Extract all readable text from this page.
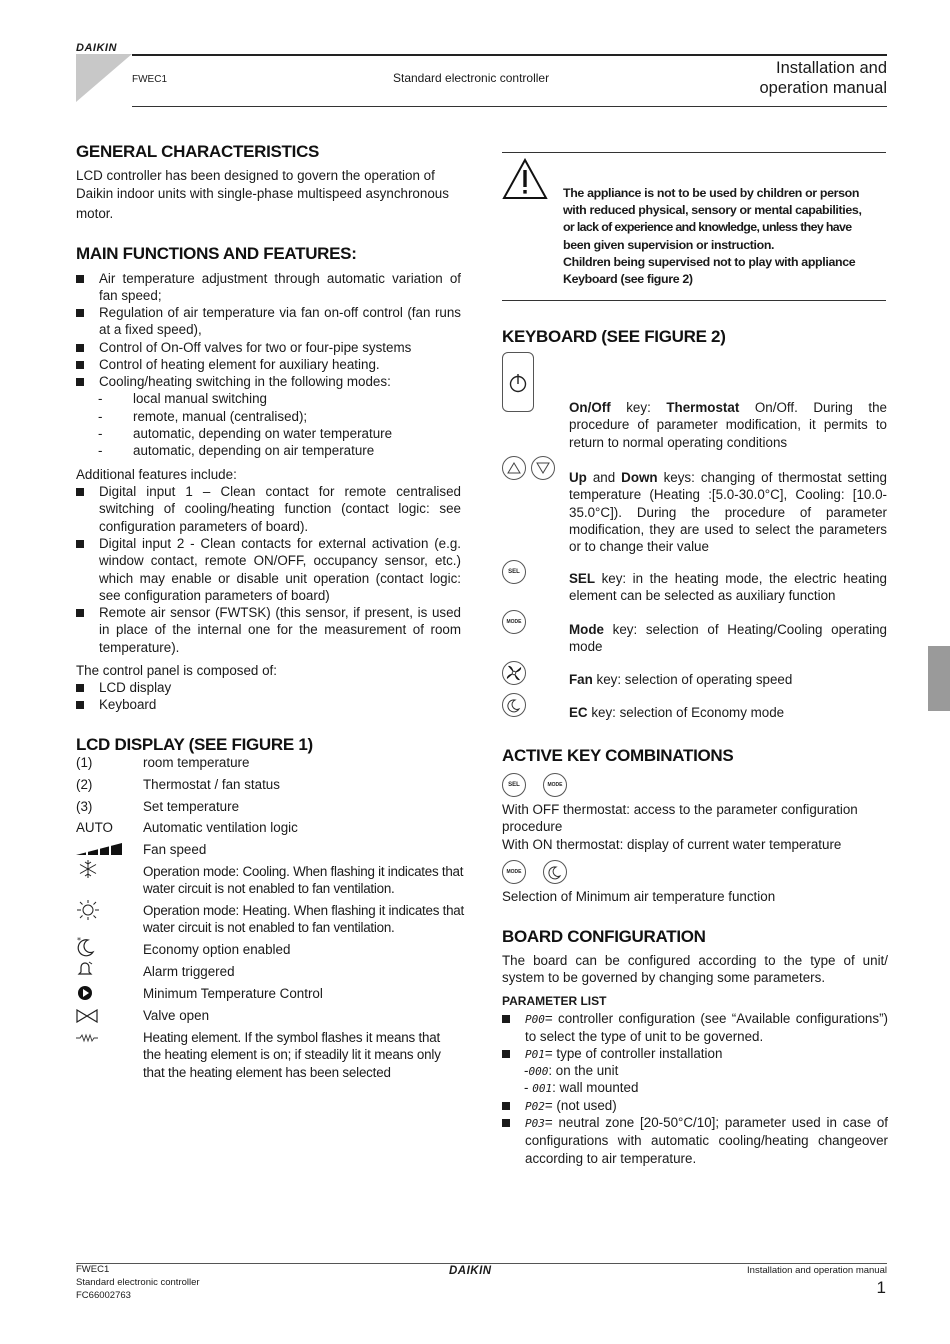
DAIKIN
FWEC1	Standard electronic controller
Installation and
operation manual
GENERAL CHARACTERISTICS
LCD controller has been designed to govern the operation of
Daikin indoor units with single-phase multispeed asynchronous
motor.
MAIN FUNCTIONS AND FEATURES:
Air temperature adjustment through automatic variation of fan speed;
Regulation of air temperature via fan on-off control (fan runs at a fixed speed),
Control of On-Off valves for two or four-pipe systems
Control of heating element for auxiliary heating.
Cooling/heating switching in the following modes:
- local manual switching
- remote, manual (centralised);
- automatic, depending on water temperature
- automatic, depending on air temperature
Additional features include:
Digital input 1 – Clean contact for remote centralised switching of cooling/heating function (contact logic: see configuration parameters of board).
Digital input 2 - Clean contacts for external activation (e.g. window contact, remote ON/OFF, occupancy sensor, etc.) which may enable or disable unit operation (contact logic: see configuration parameters of board)
Remote air sensor (FWTSK) (this sensor, if present, is used in place of the internal one for the measurement of room temperature).
The control panel is composed of:
LCD display
Keyboard
LCD DISPLAY (SEE FIGURE 1)
(1)	room temperature
(2)	Thermostat / fan status
(3)	Set temperature
AUTO Automatic ventilation logic
Fan speed
Operation mode: Cooling. When flashing it indicates that water circuit is not enabled to fan ventilation.
Operation mode: Heating. When flashing it indicates that water circuit is not enabled to fan ventilation.
*
Economy option enabled
Alarm triggered
Minimum Temperature Control
Valve open
Heating element. If the symbol flashes it means that the heating element is on; if steadily lit it means only that the heating element has been selected
The appliance is not to be used by children or person
with reduced physical, sensory or mental capabilities,
or lack of experience and knowledge, unless they have
been given supervision or instruction.
Children being supervised not to play with appliance
Keyboard (see figure 2)
KEYBOARD (SEE FIGURE 2)
On/Off key: Thermostat On/Off. During the procedure of parameter modification, it permits to return to normal operating conditions
Up and Down keys: changing of thermostat setting temperature (Heating :[5.0-30.0°C], Cooling: [10.0-35.0°C]). During the procedure of parameter modification, they are used to select the parameters or to change their value
SEL	SEL key: in the heating mode, the electric heating element can be selected as auxiliary function
MODE	Mode key: selection of Heating/Cooling operating mode
Fan key: selection of operating speed
EC key: selection of Economy mode
ACTIVE KEY COMBINATIONS
SEL	MODE
With OFF thermostat: access to the parameter configuration procedure
With ON thermostat: display of current water temperature
MODE
Selection of Minimum air temperature function
BOARD CONFIGURATION
The board can be configured according to the type of unit/ system to be governed by changing some parameters.
PARAMETER LIST
P00= controller configuration (see “Available configurations”) to select the type of unit to be governed.
P01= type of controller installation
-000: on the unit
- 001: wall mounted
P02= (not used)
P03= neutral zone [20-50°C/10]; parameter used in case of configurations with automatic cooling/heating changeover according to air temperature.
FWEC1
Standard electronic controller
FC66002763
DAIKIN	Installation and operation manual
1
